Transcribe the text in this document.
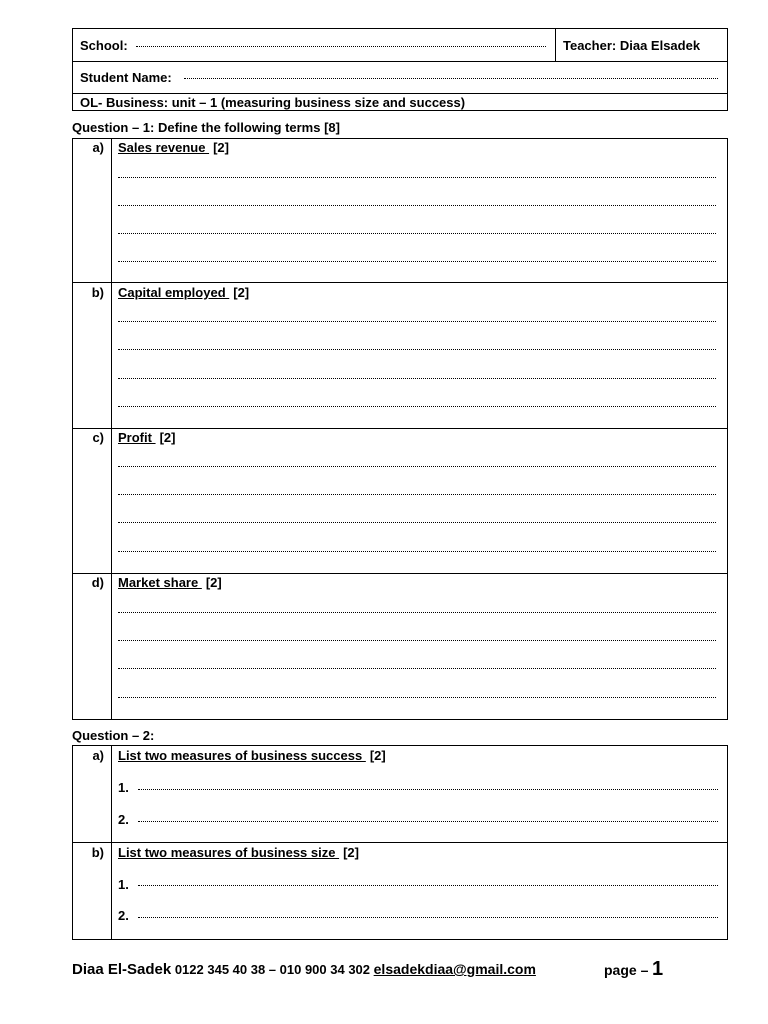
School:	Teacher: Diaa Elsadek
Student Name:
OL- Business: unit – 1 (measuring business size and success)
Question – 1: Define the following terms [8]
a) Sales revenue [2]
b) Capital employed [2]
c) Profit [2]
d) Market share [2]
Question – 2:
a) List two measures of business success [2]
1.
2.
b) List two measures of business size [2]
1.
2.
Diaa El-Sadek 0122 345 40 38 – 010 900 34 302 elsadekdiaa@gmail.com	page – 1
